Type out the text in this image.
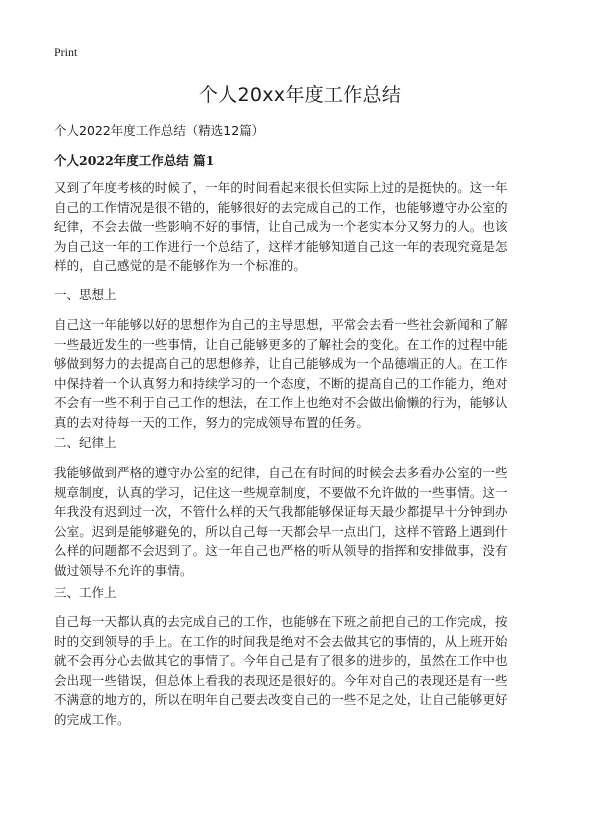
Print
个人20xx年度工作总结

个人2022年度工作总结（精选12篇）

个人2022年度工作总结 篇1
又到了年度考核的时候了，一年的时间看起来很长但实际上过的是挺快的。这一年
自己的工作情况是很不错的，能够很好的去完成自己的工作，也能够遵守办公室的
纪律，不会去做一些影响不好的事情，让自己成为一个老实本分又努力的人。也该
为自己这一年的工作进行一个总结了，这样才能够知道自己这一年的表现究竟是怎
样的，自己感觉的是不能够作为一个标准的。

一、思想上

自己这一年能够以好的思想作为自己的主导思想，平常会去看一些社会新闻和了解
一些最近发生的一些事情，让自己能够更多的了解社会的变化。在工作的过程中能
够做到努力的去提高自己的思想修养，让自己能够成为一个品德端正的人。在工作
中保持着一个认真努力和持续学习的一个态度，不断的提高自己的工作能力，绝对
不会有一些不利于自己工作的想法，在工作上也绝对不会做出偷懒的行为，能够认
真的去对待每一天的工作，努力的完成领导布置的任务。

二、纪律上

我能够做到严格的遵守办公室的纪律，自己在有时间的时候会去多看办公室的一些
规章制度，认真的学习，记住这一些规章制度，不要做不允许做的一些事情。这一
年我没有迟到过一次，不管什么样的天气我都能够保证每天最少都提早十分钟到办
公室。迟到是能够避免的，所以自己每一天都会早一点出门，这样不管路上遇到什
么样的问题都不会迟到了。这一年自己也严格的听从领导的指挥和安排做事，没有
做过领导不允许的事情。

三、工作上

自己每一天都认真的去完成自己的工作，也能够在下班之前把自己的工作完成，按
时的交到领导的手上。在工作的时间我是绝对不会去做其它的事情的，从上班开始
就不会再分心去做其它的事情了。今年自己是有了很多的进步的，虽然在工作中也
会出现一些错误，但总体上看我的表现还是很好的。今年对自己的表现还是有一些
不满意的地方的，所以在明年自己要去改变自己的一些不足之处，让自己能够更好
的完成工作。
